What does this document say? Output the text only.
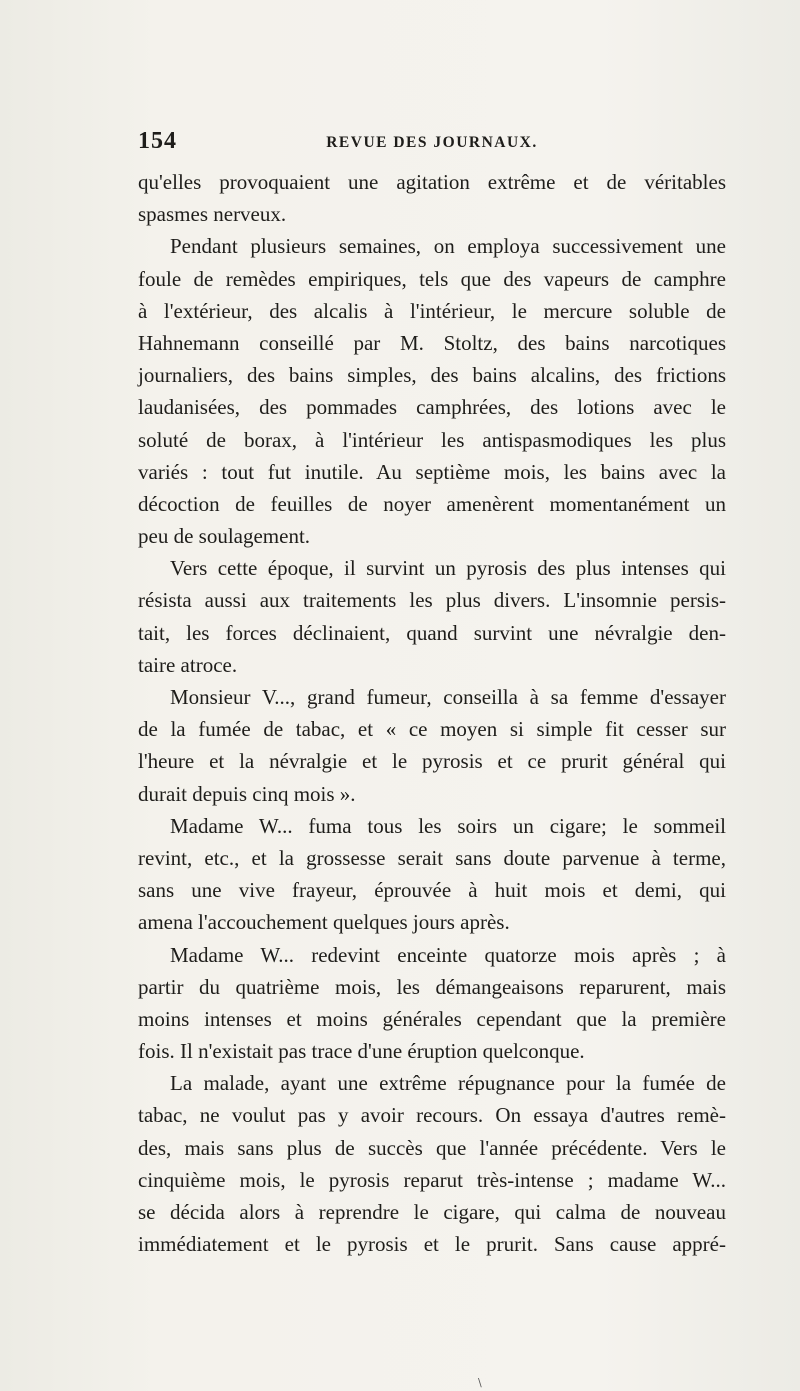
154	REVUE DES JOURNAUX.
qu'elles provoquaient une agitation extrême et de véritables
spasmes nerveux.
Pendant plusieurs semaines, on employa successivement une
foule de remèdes empiriques, tels que des vapeurs de camphre
à l'extérieur, des alcalis à l'intérieur, le mercure soluble de
Hahnemann conseillé par M. Stoltz, des bains narcotiques
journaliers, des bains simples, des bains alcalins, des frictions
laudanisées, des pommades camphrées, des lotions avec le
soluté de borax, à l'intérieur les antispasmodiques les plus
variés : tout fut inutile. Au septième mois, les bains avec la
décoction de feuilles de noyer amenèrent momentanément un
peu de soulagement.
Vers cette époque, il survint un pyrosis des plus intenses qui
résista aussi aux traitements les plus divers. L'insomnie persis-
tait, les forces déclinaient, quand survint une névralgie den-
taire atroce.
Monsieur V..., grand fumeur, conseilla à sa femme d'essayer
de la fumée de tabac, et « ce moyen si simple fit cesser sur
l'heure et la névralgie et le pyrosis et ce prurit général qui
durait depuis cinq mois ».
Madame W... fuma tous les soirs un cigare; le sommeil
revint, etc., et la grossesse serait sans doute parvenue à terme,
sans une vive frayeur, éprouvée à huit mois et demi, qui
amena l'accouchement quelques jours après.
Madame W... redevint enceinte quatorze mois après ; à
partir du quatrième mois, les démangeaisons reparurent, mais
moins intenses et moins générales cependant que la première
fois. Il n'existait pas trace d'une éruption quelconque.
La malade, ayant une extrême répugnance pour la fumée de
tabac, ne voulut pas y avoir recours. On essaya d'autres remè-
des, mais sans plus de succès que l'année précédente. Vers le
cinquième mois, le pyrosis reparut très-intense ; madame W...
se décida alors à reprendre le cigare, qui calma de nouveau
immédiatement et le pyrosis et le prurit. Sans cause appré-
\
